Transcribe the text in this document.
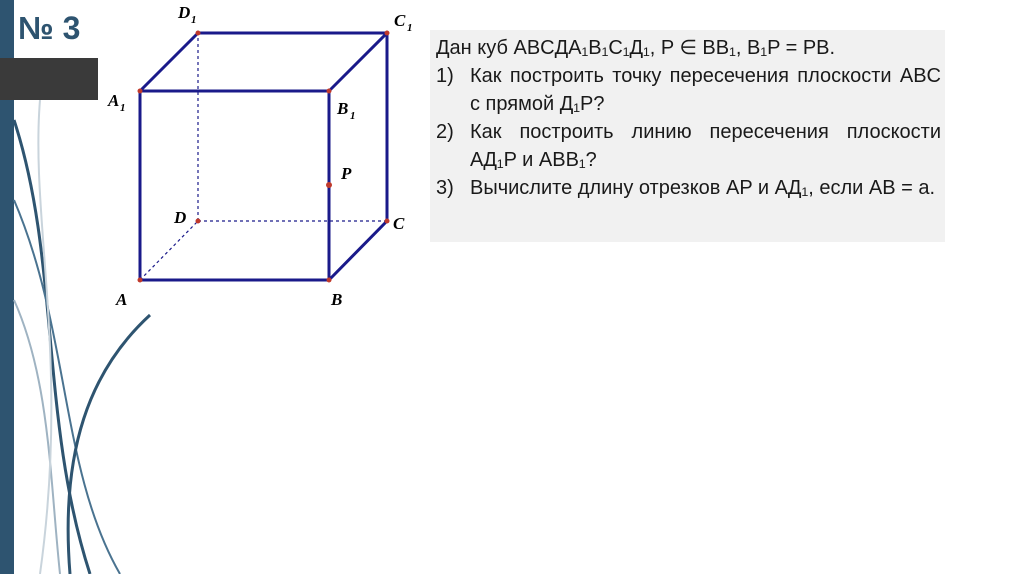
№ 3
A	B
C
D
A 1	B 1
C 1
D 1
P

Дан куб ABCДA₁B₁C₁Д₁, P ∈ BB₁, B₁P = PB.

1) Как построить точку пересечения плоскости ABC с прямой Д₁P?
2) Как построить линию пересечения плоскости AД₁P и ABB₁?
3) Вычислите длину отрезков AP и AД₁, если AB = a.
